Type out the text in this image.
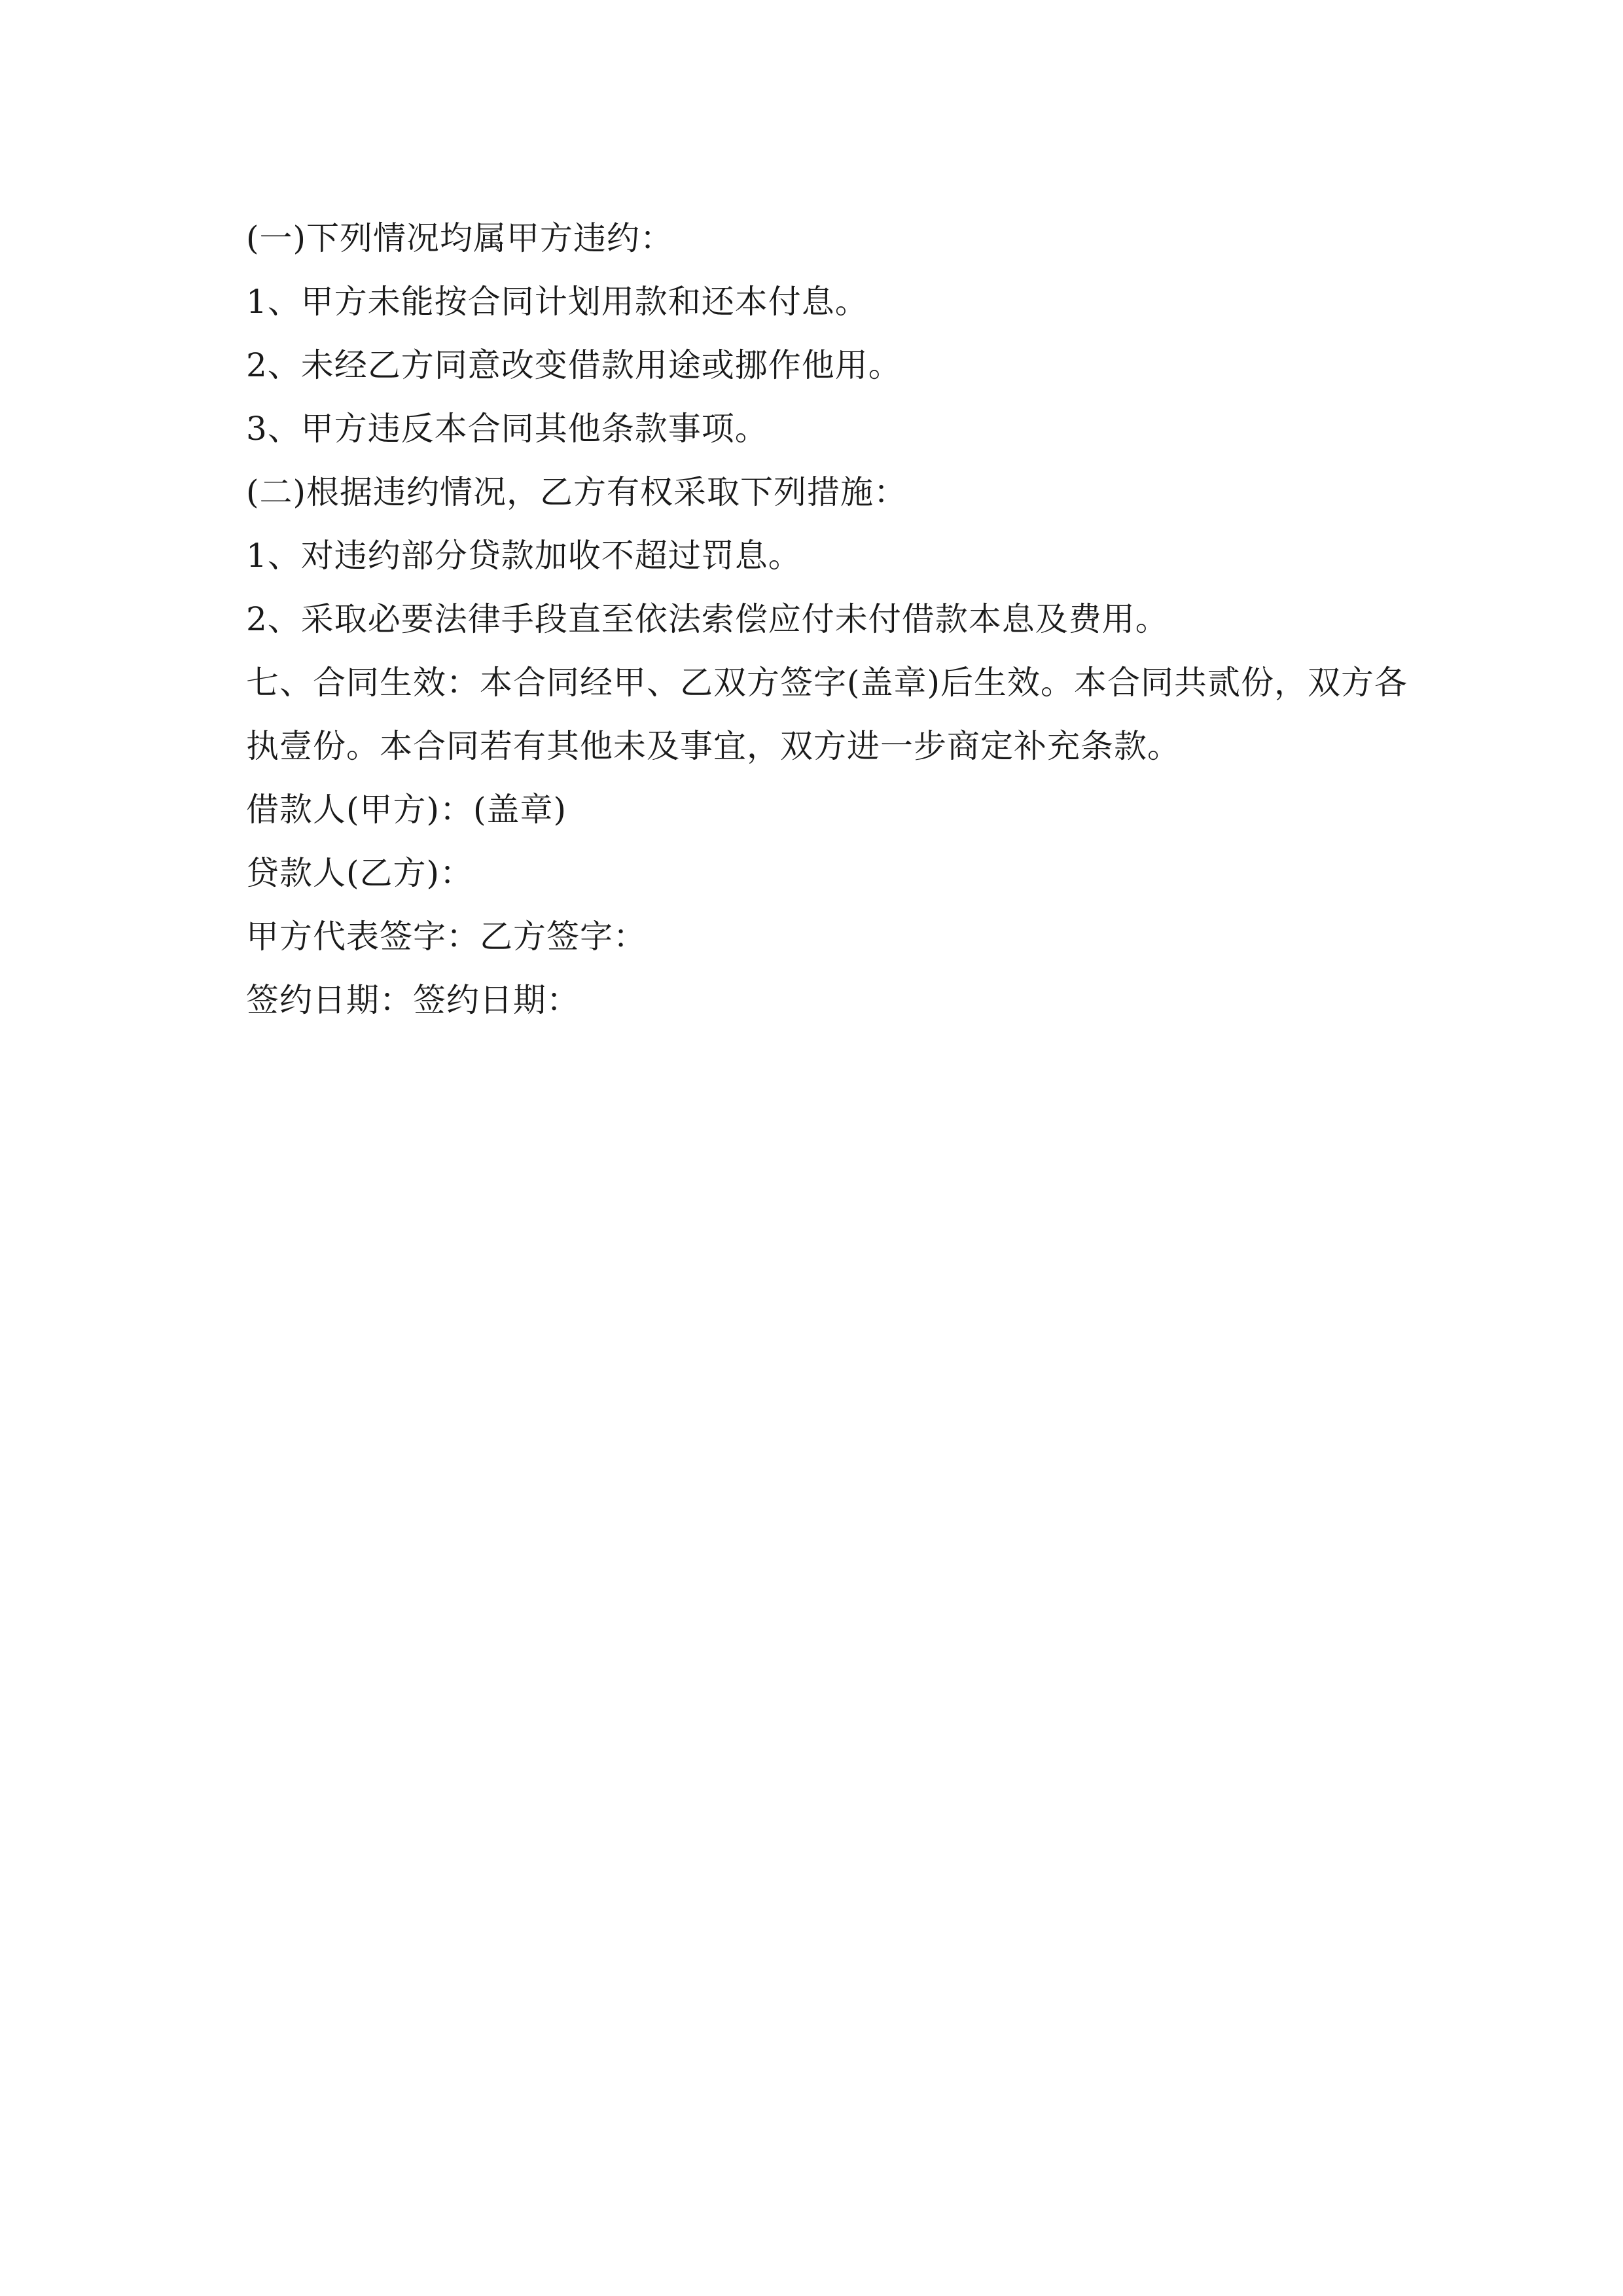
(一)下列情况均属甲方违约：
1、甲方未能按合同计划用款和还本付息。
2、未经乙方同意改变借款用途或挪作他用。
3、甲方违反本合同其他条款事项。
(二)根据违约情况，乙方有权采取下列措施：
1、对违约部分贷款加收不超过罚息。
2、采取必要法律手段直至依法索偿应付未付借款本息及费用。
七、合同生效：本合同经甲、乙双方签字(盖章)后生效。本合同共贰份，双方各
执壹份。本合同若有其他未及事宜，双方进一步商定补充条款。
借款人(甲方)：(盖章)
贷款人(乙方)：
甲方代表签字：乙方签字：
签约日期：签约日期：
